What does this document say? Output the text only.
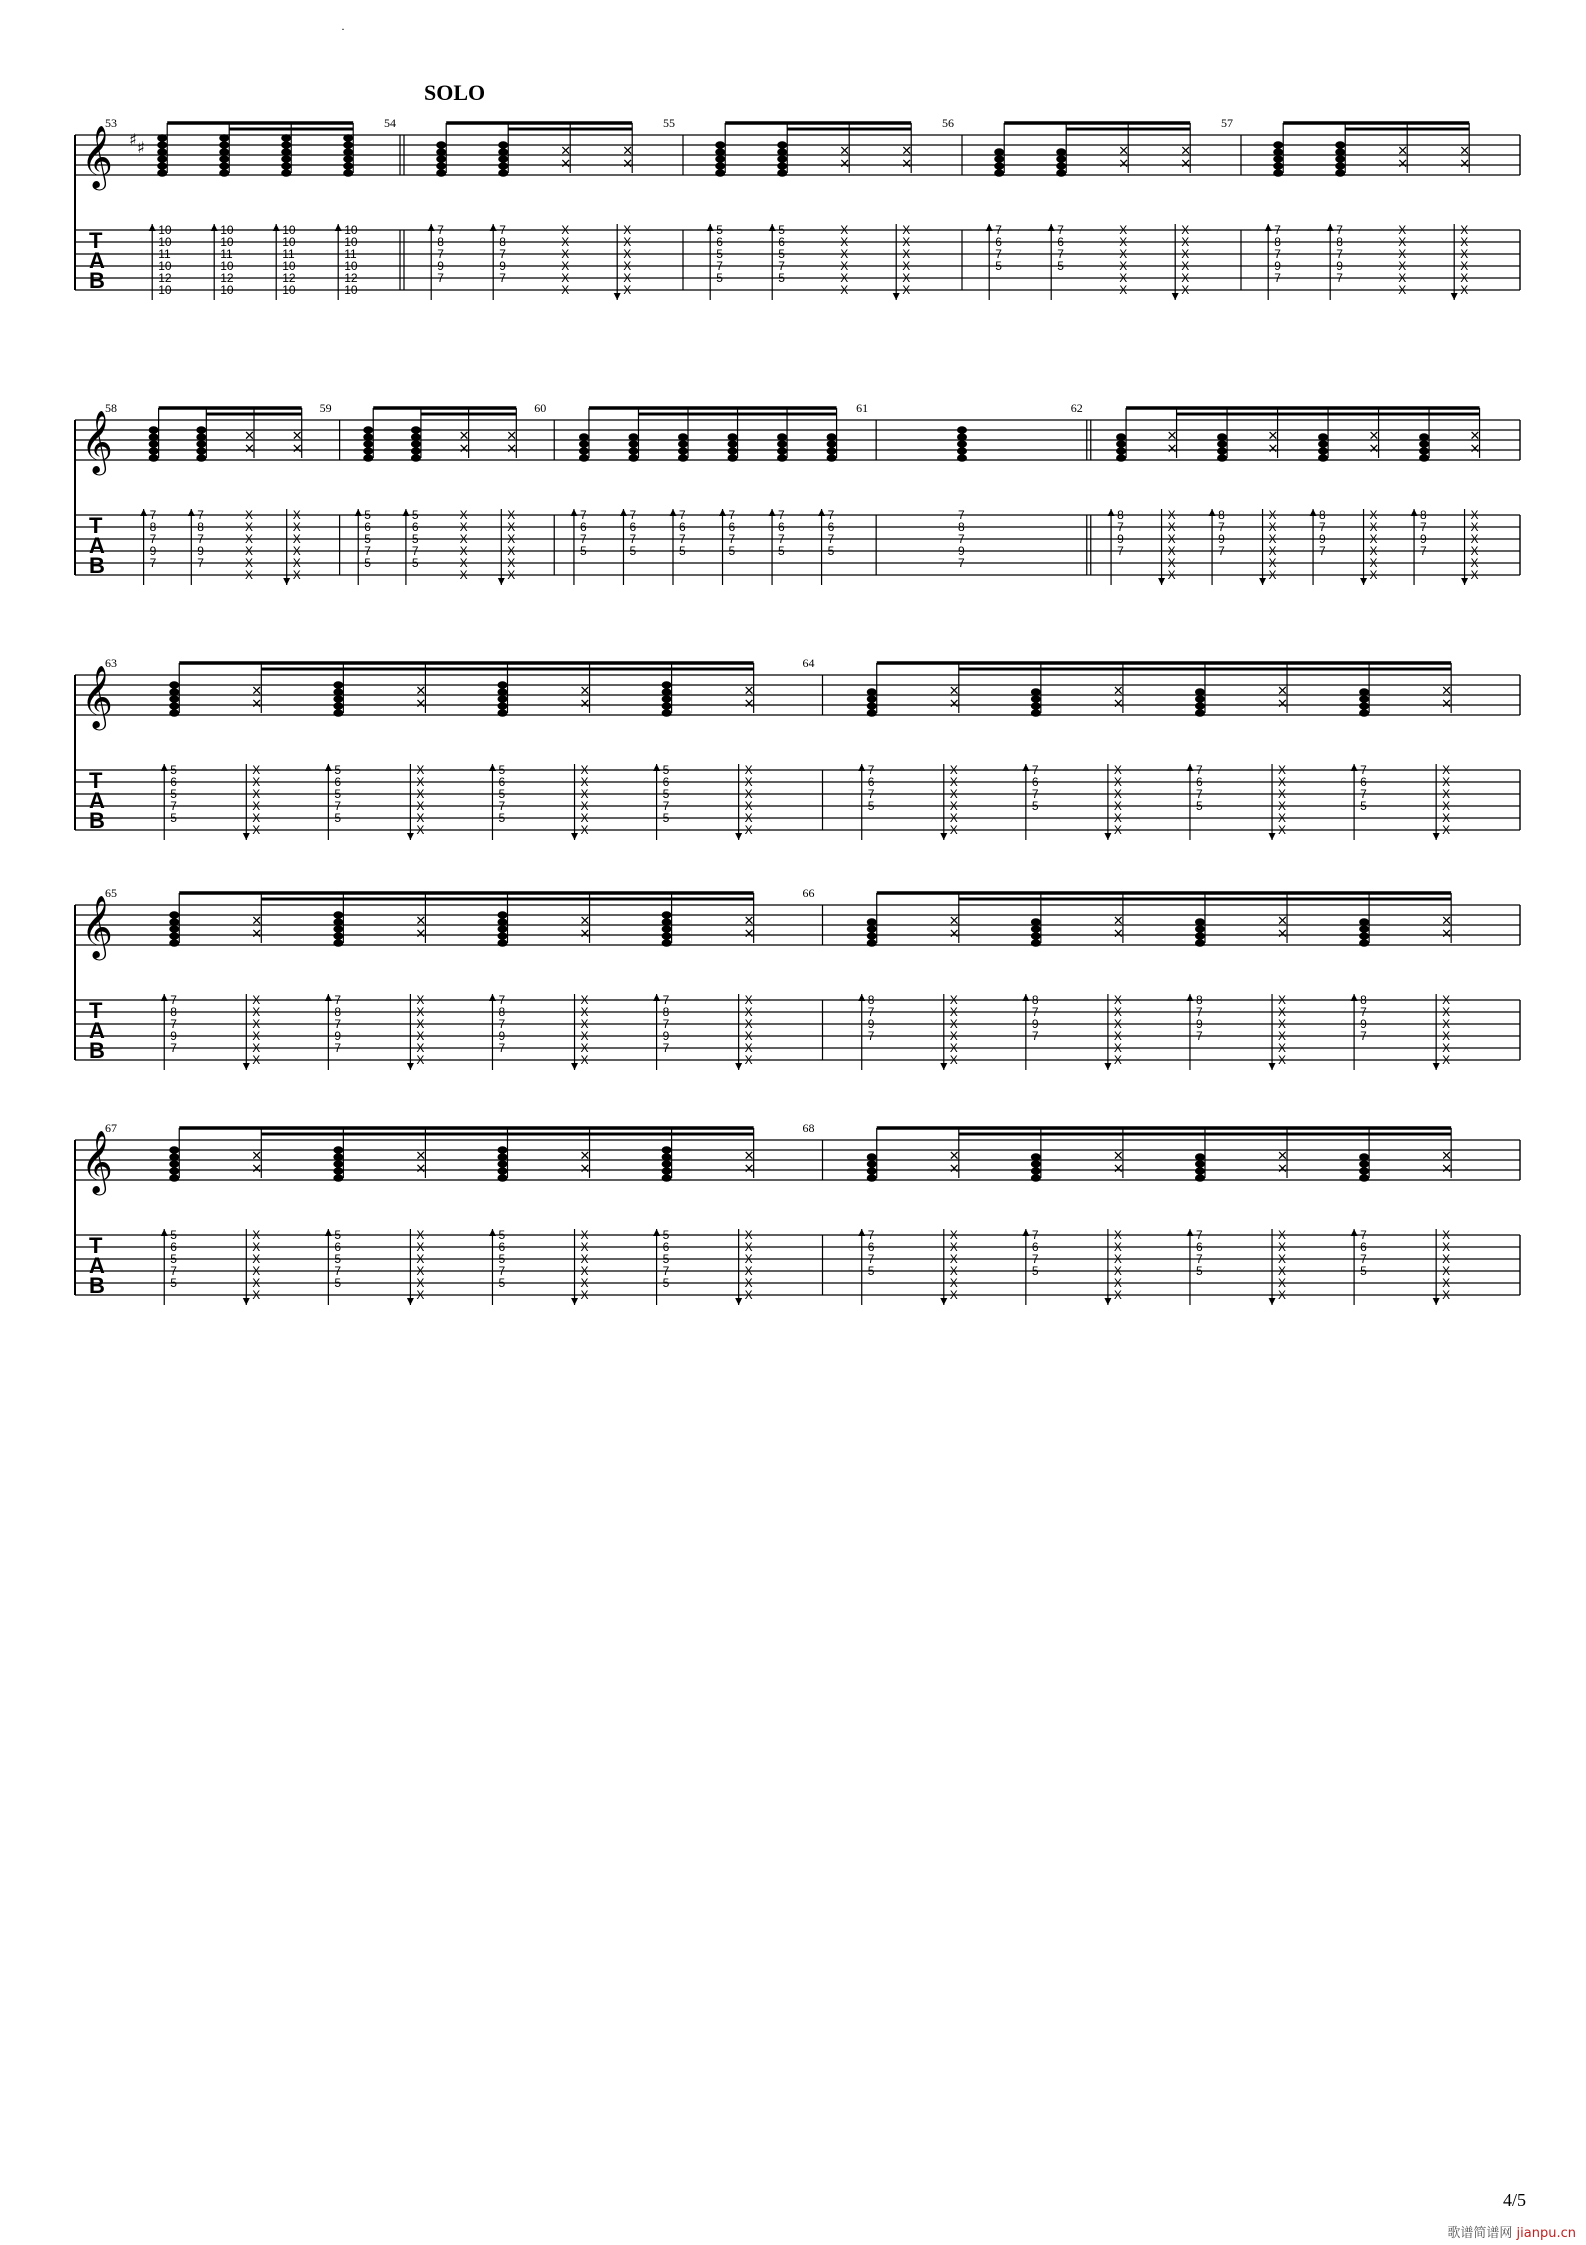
·
𝄞
T
A
B
53
♯ ♯
10
10
11
10
12
10
10
10
11
10
12
10
10
10
11
10
12
10
10
10
11
10
12
10
54
SOLO
7
8
7
9
7
7
8
7
9
7
✕
✕
X
X
X
X
X
X
✕
✕
X
X
X
X
X
X
55
5
6
5
7
5
5
6
5
7
5
✕
✕
X
X
X
X
X
X
✕
✕
X
X
X
X
X
X
56
7
6
7
5
7
6
7
5
✕
✕
X
X
X
X
X
X
✕
✕
X
X
X
X
X
X
57
7
8
7
9
7
7
8
7
9
7
✕
✕
X
X
X
X
X
X
✕
✕
X
X
X
X
X
X
𝄞
T
A
B
58
7
8
7
9
7
7
8
7
9
7
✕
✕
X
X
X
X
X
X
✕
✕
X
X
X
X
X
X
59
5
6
5
7
5
5
6
5
7
5
✕
✕
X
X
X
X
X
X
✕
✕
X
X
X
X
X
X
60
7
6
7
5
7
6
7
5
7
6
7
5
7
6
7
5
7
6
7
5
7
6
7
5
61
7
8
7
9
7
62
8
7
9
7
✕
✕
X
X
X
X
X
X
8
7
9
7
✕
✕
X
X
X
X
X
X
8
7
9
7
✕
✕
X
X
X
X
X
X
8
7
9
7
✕
✕
X
X
X
X
X
X
𝄞
T
A
B
63
5
6
5
7
5
✕
✕
X
X
X
X
X
X
5
6
5
7
5
✕
✕
X
X
X
X
X
X
5
6
5
7
5
✕
✕
X
X
X
X
X
X
5
6
5
7
5
✕
✕
X
X
X
X
X
X
64
7
6
7
5
✕
✕
X
X
X
X
X
X
7
6
7
5
✕
✕
X
X
X
X
X
X
7
6
7
5
✕
✕
X
X
X
X
X
X
7
6
7
5
✕
✕
X
X
X
X
X
X
𝄞
T
A
B
65
7
8
7
9
7
✕
✕
X
X
X
X
X
X
7
8
7
9
7
✕
✕
X
X
X
X
X
X
7
8
7
9
7
✕
✕
X
X
X
X
X
X
7
8
7
9
7
✕
✕
X
X
X
X
X
X
66
8
7
9
7
✕
✕
X
X
X
X
X
X
8
7
9
7
✕
✕
X
X
X
X
X
X
8
7
9
7
✕
✕
X
X
X
X
X
X
8
7
9
7
✕
✕
X
X
X
X
X
X
𝄞
T
A
B
67
5
6
5
7
5
✕
✕
X
X
X
X
X
X
5
6
5
7
5
✕
✕
X
X
X
X
X
X
5
6
5
7
5
✕
✕
X
X
X
X
X
X
5
6
5
7
5
✕
✕
X
X
X
X
X
X
68
7
6
7
5
✕
✕
X
X
X
X
X
X
7
6
7
5
✕
✕
X
X
X
X
X
X
7
6
7
5
✕
✕
X
X
X
X
X
X
7
6
7
5
✕
✕
X
X
X
X
X
X
4/5
歌谱简谱网 jianpu.cn
